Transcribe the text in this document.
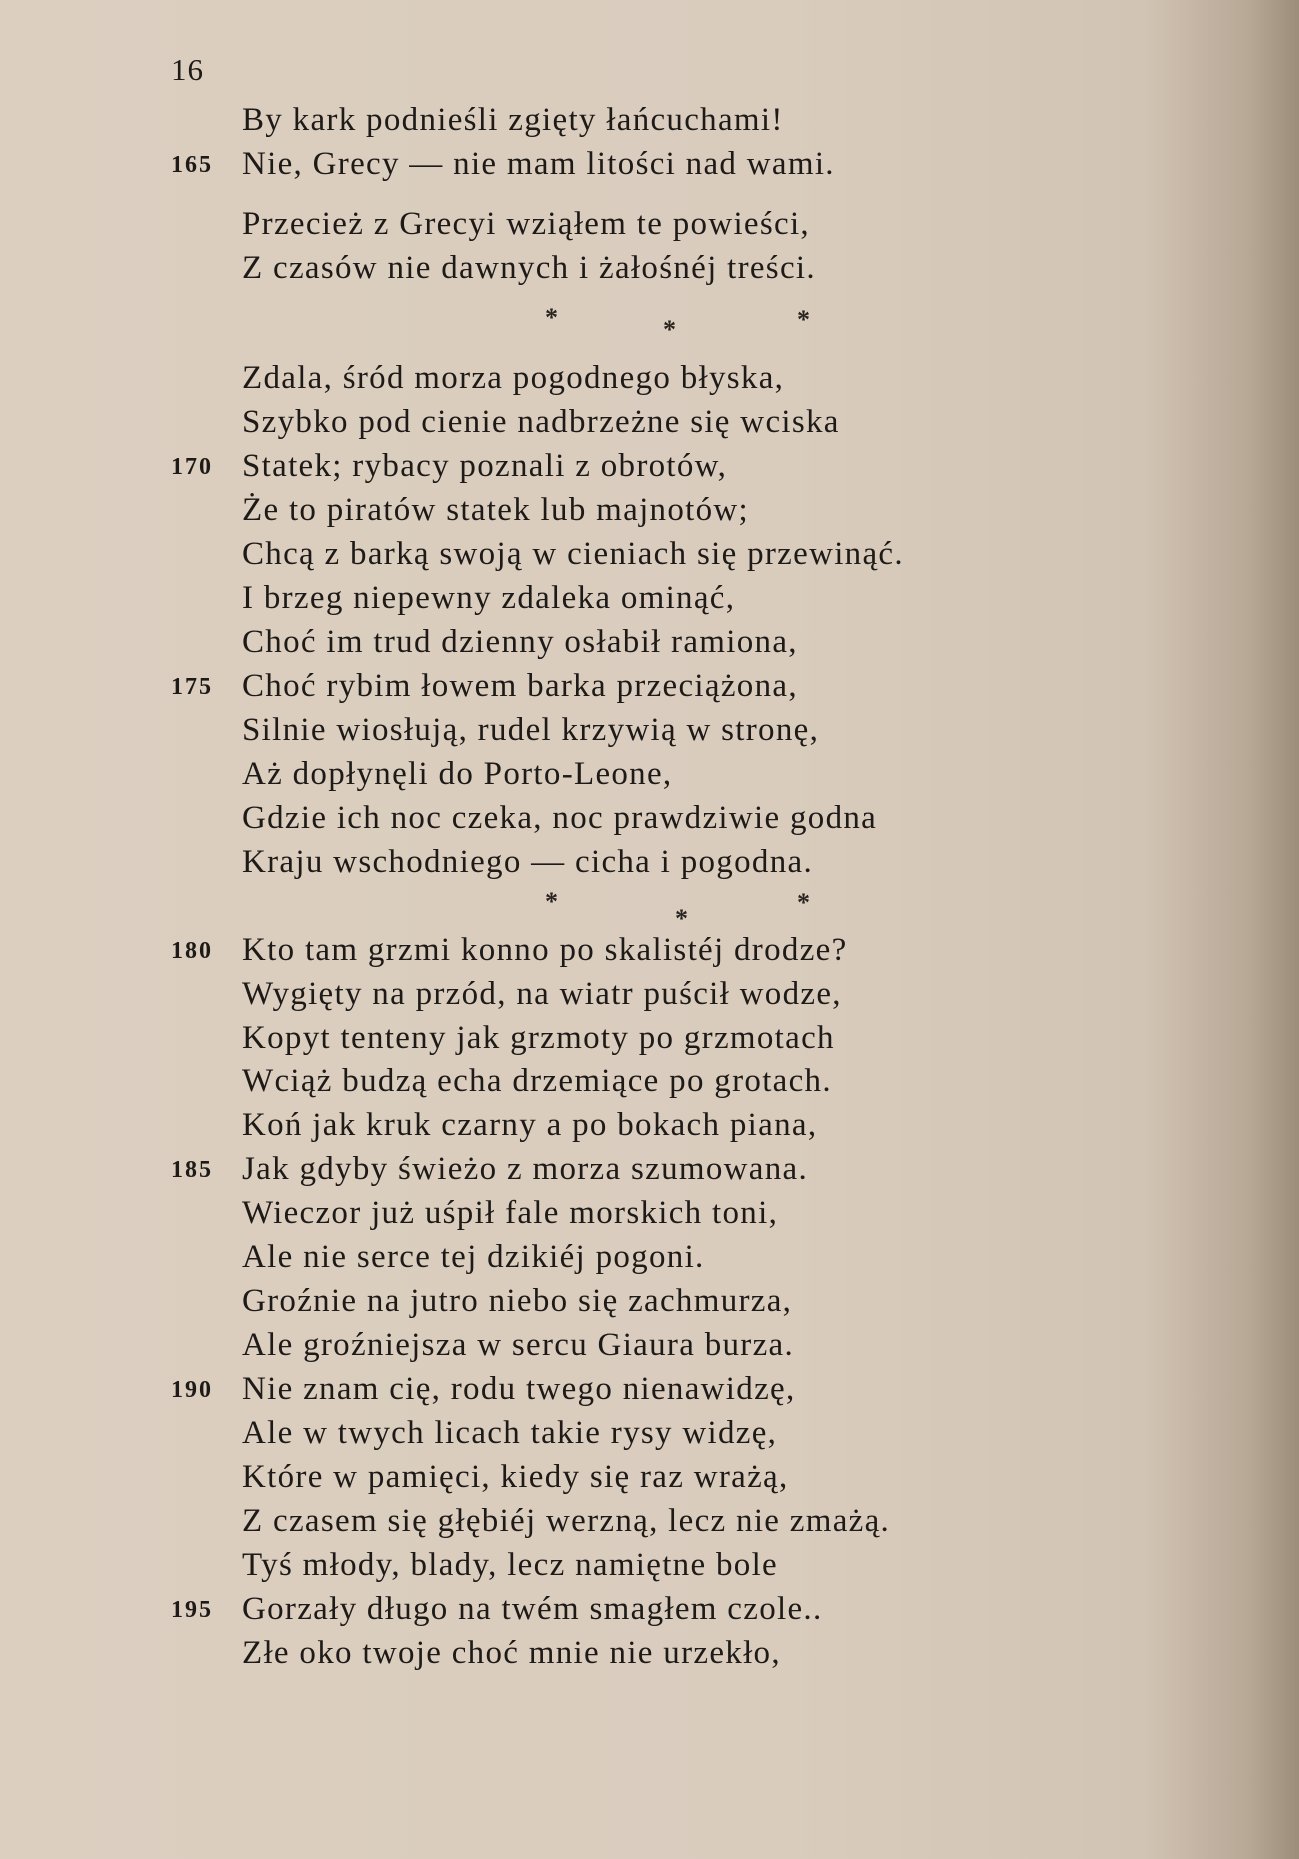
16
By kark podnieśli zgięty łańcuchami!
165 Nie, Grecy — nie mam litości nad wami.
Przecież z Grecyi wziąłem te powieści,
Z czasów nie dawnych i żałośnéj treści.
Zdala, śród morza pogodnego błyska,
Szybko pod cienie nadbrzeżne się wciska
170 Statek; rybacy poznali z obrotów,
Że to piratów statek lub majnotów;
Chcą z barką swoją w cieniach się przewinąć.
I brzeg niepewny zdaleka ominąć,
Choć im trud dzienny osłabił ramiona,
175 Choć rybim łowem barka przeciążona,
Silnie wiosłują, rudel krzywią w stronę,
Aż dopłynęli do Porto-Leone,
Gdzie ich noc czeka, noc prawdziwie godna
Kraju wschodniego — cicha i pogodna.
180 Kto tam grzmi konno po skalistéj drodze?
Wygięty na przód, na wiatr puścił wodze,
Kopyt tenteny jak grzmoty po grzmotach
Wciąż budzą echa drzemiące po grotach.
Koń jak kruk czarny a po bokach piana,
185 Jak gdyby świeżo z morza szumowana.
Wieczor już uśpił fale morskich toni,
Ale nie serce tej dzikiéj pogoni.
Groźnie na jutro niebo się zachmurza,
Ale groźniejsza w sercu Giaura burza.
190 Nie znam cię, rodu twego nienawidzę,
Ale w twych licach takie rysy widzę,
Które w pamięci, kiedy się raz wrażą,
Z czasem się głębiéj werzną, lecz nie zmażą.
Tyś młody, blady, lecz namiętne bole
195 Gorzały długo na twém smagłem czole..
Złe oko twoje choć mnie nie urzekło,
*	*	*
*
*
*
